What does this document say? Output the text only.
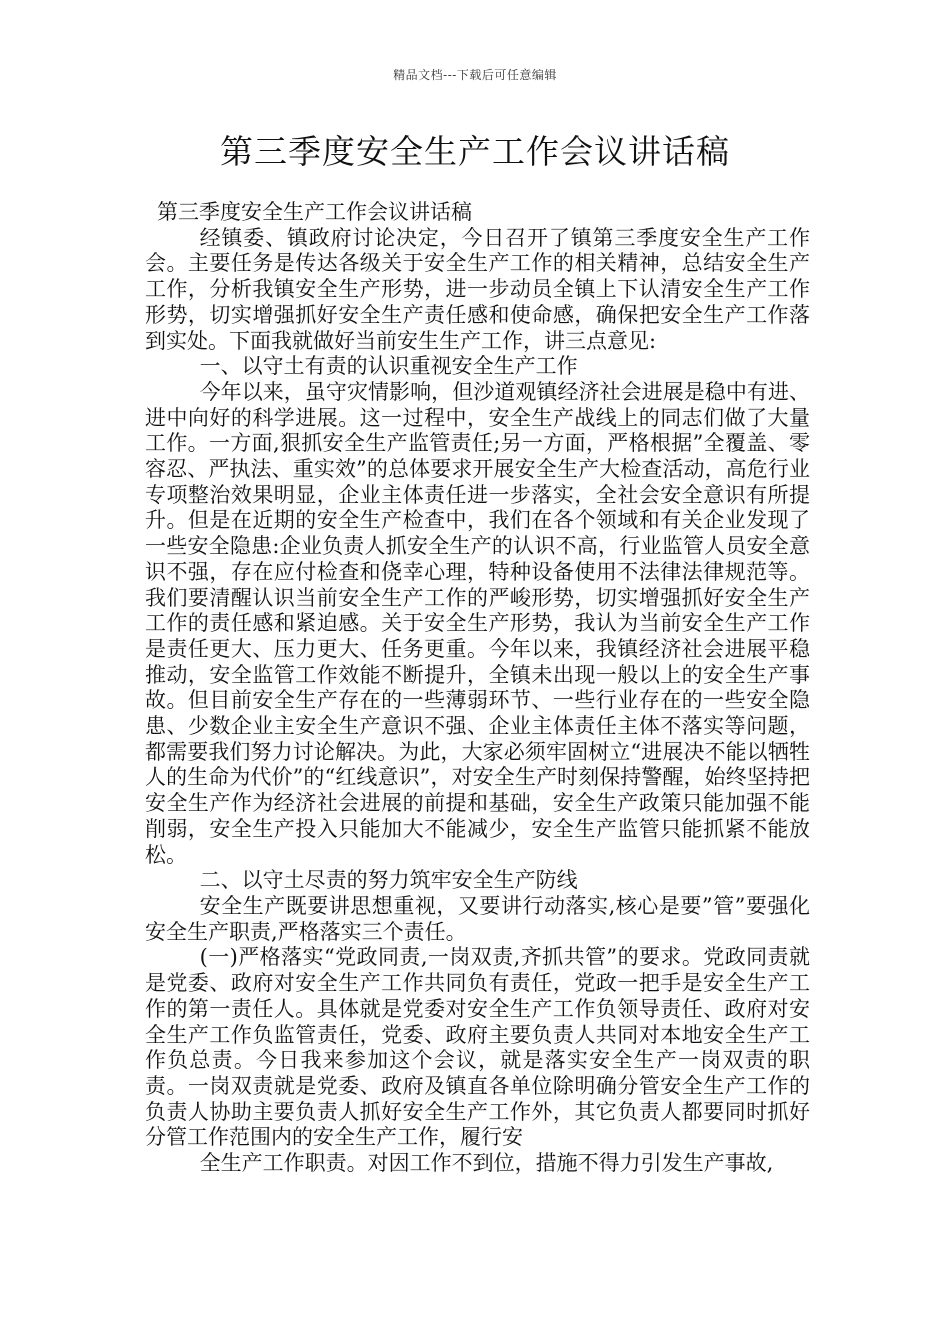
精品文档---下载后可任意编辑
第三季度安全生产工作会议讲话稿

第三季度安全生产工作会议讲话稿

经镇委、镇政府讨论决定，今日召开了镇第三季度安全生产工作会。主要任务是传达各级关于安全生产工作的相关精神，总结安全生产工作，分析我镇安全生产形势，进一步动员全镇上下认清安全生产工作形势，切实增强抓好安全生产责任感和使命感，确保把安全生产工作落到实处。下面我就做好当前安生生产工作，讲三点意见:

一、以守土有责的认识重视安全生产工作

今年以来，虽守灾情影响，但沙道观镇经济社会进展是稳中有进、进中向好的科学进展。这一过程中，安全生产战线上的同志们做了大量工作。一方面,狠抓安全生产监管责任;另一方面，严格根据”全覆盖、零容忍、严执法、重实效”的总体要求开展安全生产大检查活动，高危行业专项整治效果明显，企业主体责任进一步落实，全社会安全意识有所提升。但是在近期的安全生产检查中，我们在各个领域和有关企业发现了一些安全隐患:企业负责人抓安全生产的认识不高，行业监管人员安全意识不强，存在应付检查和侥幸心理，特种设备使用不法律法律规范等。我们要清醒认识当前安全生产工作的严峻形势，切实增强抓好安全生产工作的责任感和紧迫感。关于安全生产形势，我认为当前安全生产工作是责任更大、压力更大、任务更重。今年以来，我镇经济社会进展平稳推动，安全监管工作效能不断提升，全镇未出现一般以上的安全生产事故。但目前安全生产存在的一些薄弱环节、一些行业存在的一些安全隐患、少数企业主安全生产意识不强、企业主体责任主体不落实等问题，都需要我们努力讨论解决。为此，大家必须牢固树立“进展决不能以牺牲人的生命为代价”的“红线意识”，对安全生产时刻保持警醒，始终坚持把安全生产作为经济社会进展的前提和基础，安全生产政策只能加强不能削弱，安全生产投入只能加大不能减少，安全生产监管只能抓紧不能放松。

二、以守土尽责的努力筑牢安全生产防线

安全生产既要讲思想重视，又要讲行动落实,核心是要”管”要强化安全生产职责,严格落实三个责任。

(一)严格落实“党政同责,一岗双责,齐抓共管”的要求。党政同责就是党委、政府对安全生产工作共同负有责任，党政一把手是安全生产工作的第一责任人。具体就是党委对安全生产工作负领导责任、政府对安全生产工作负监管责任，党委、政府主要负责人共同对本地安全生产工作负总责。今日我来参加这个会议，就是落实安全生产一岗双责的职责。一岗双责就是党委、政府及镇直各单位除明确分管安全生产工作的负责人协助主要负责人抓好安全生产工作外，其它负责人都要同时抓好分管工作范围内的安全生产工作，履行安

全生产工作职责。对因工作不到位，措施不得力引发生产事故,
